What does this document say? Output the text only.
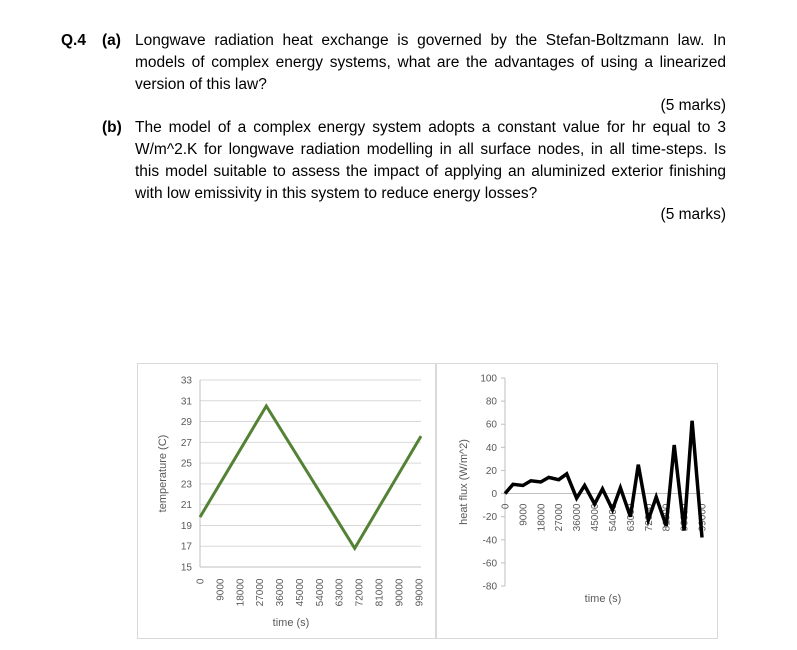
Q.4 (a) Longwave radiation heat exchange is governed by the Stefan-Boltzmann law. In models of complex energy systems, what are the advantages of using a linearized version of this law?
(5 marks)
(b) The model of a complex energy system adopts a constant value for hr equal to 3 W/m^2.K for longwave radiation modelling in all surface nodes, in all time-steps. Is this model suitable to assess the impact of applying an aluminized exterior finishing with low emissivity in this system to reduce energy losses?
(5 marks)
15
17
19
21
23
25
27
29
31
33
0 9000 18000 27000 36000 45000 54000 63000 72000 81000 90000 99000
temperature (C)
time (s)
-80
-60
-40
-20
0
20
40
60
80
100
0 9000 18000 27000 36000 45000 54000 63000 72000 81000 90000 99000
heat flux (W/m^2)
time (s)
